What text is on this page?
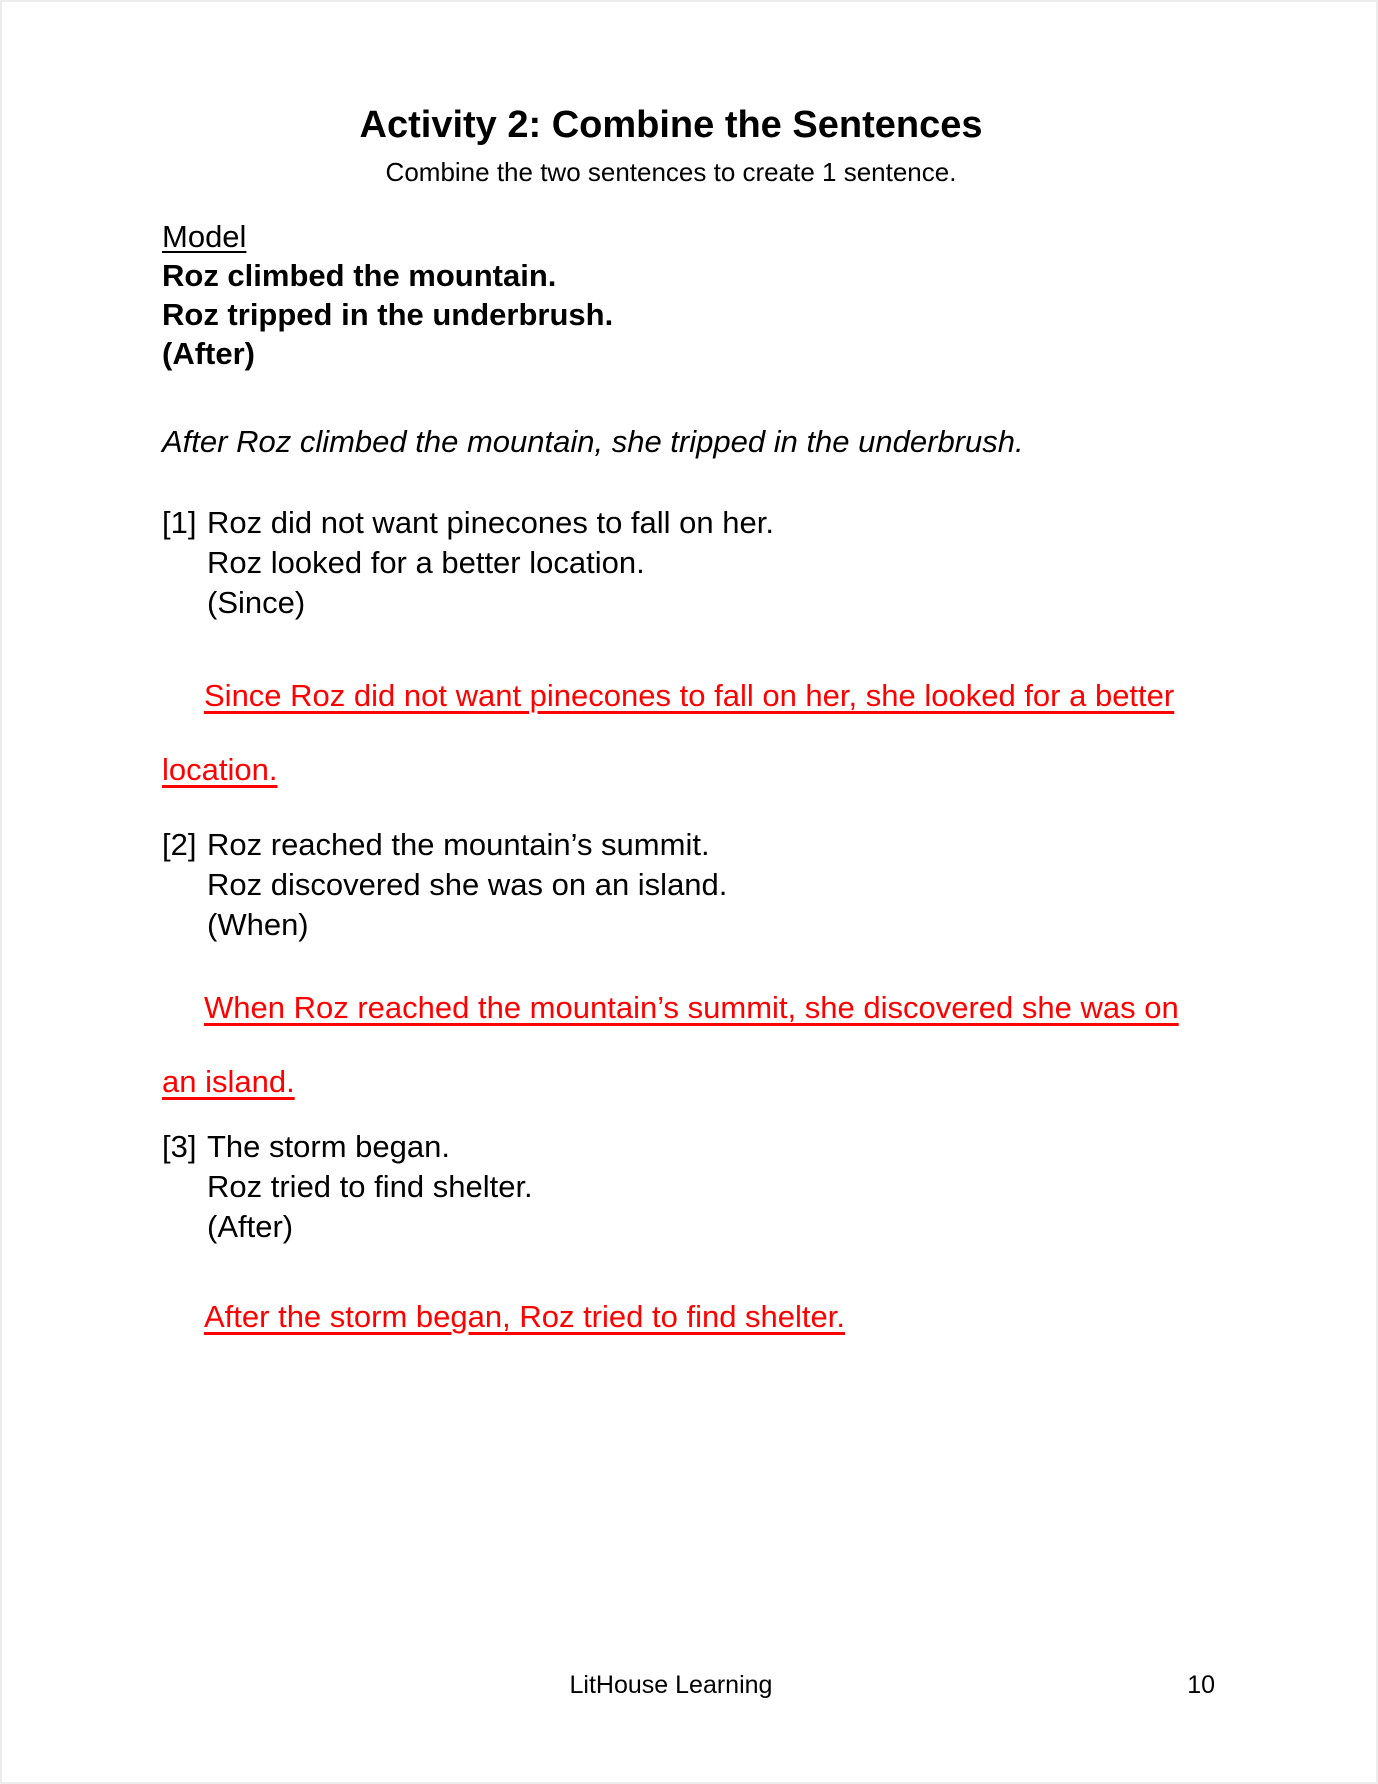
Activity 2: Combine the Sentences
Combine the two sentences to create 1 sentence.
Model
Roz climbed the mountain.
Roz tripped in the underbrush.
(After)
After Roz climbed the mountain, she tripped in the underbrush.
[1] Roz did not want pinecones to fall on her.
Roz looked for a better location.
(Since)
Since Roz did not want pinecones to fall on her, she looked for a better
location.
[2] Roz reached the mountain’s summit.
Roz discovered she was on an island.
(When)
When Roz reached the mountain’s summit, she discovered she was on
an island.
[3] The storm began.
Roz tried to find shelter.
(After)
After the storm began, Roz tried to find shelter.
LitHouse Learning	10
